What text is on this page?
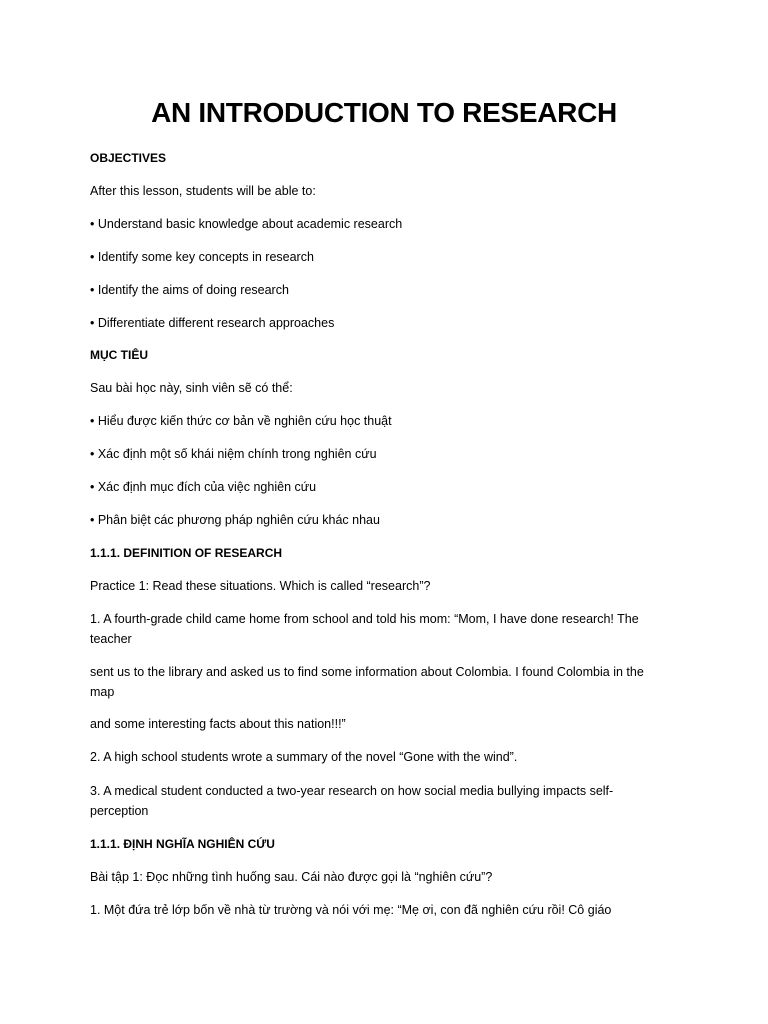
AN INTRODUCTION TO RESEARCH
OBJECTIVES
After this lesson, students will be able to:
• Understand basic knowledge about academic research
• Identify some key concepts in research
• Identify the aims of doing research
• Differentiate different research approaches
MỤC TIÊU
Sau bài học này, sinh viên sẽ có thể:
• Hiểu được kiến thức cơ bản về nghiên cứu học thuật
• Xác định một số khái niệm chính trong nghiên cứu
• Xác định mục đích của việc nghiên cứu
• Phân biệt các phương pháp nghiên cứu khác nhau
1.1.1. DEFINITION OF RESEARCH
Practice 1: Read these situations. Which is called “research”?
1. A fourth-grade child came home from school and told his mom: “Mom, I have done research! The
teacher
sent us to the library and asked us to find some information about Colombia. I found Colombia in the
map
and some interesting facts about this nation!!!”
2. A high school students wrote a summary of the novel “Gone with the wind”.
3. A medical student conducted a two-year research on how social media bullying impacts self-
perception
1.1.1. ĐỊNH NGHĨA NGHIÊN CỨU
Bài tập 1: Đọc những tình huống sau. Cái nào được gọi là “nghiên cứu”?
1. Một đứa trẻ lớp bốn về nhà từ trường và nói với mẹ: “Mẹ ơi, con đã nghiên cứu rồi! Cô giáo
